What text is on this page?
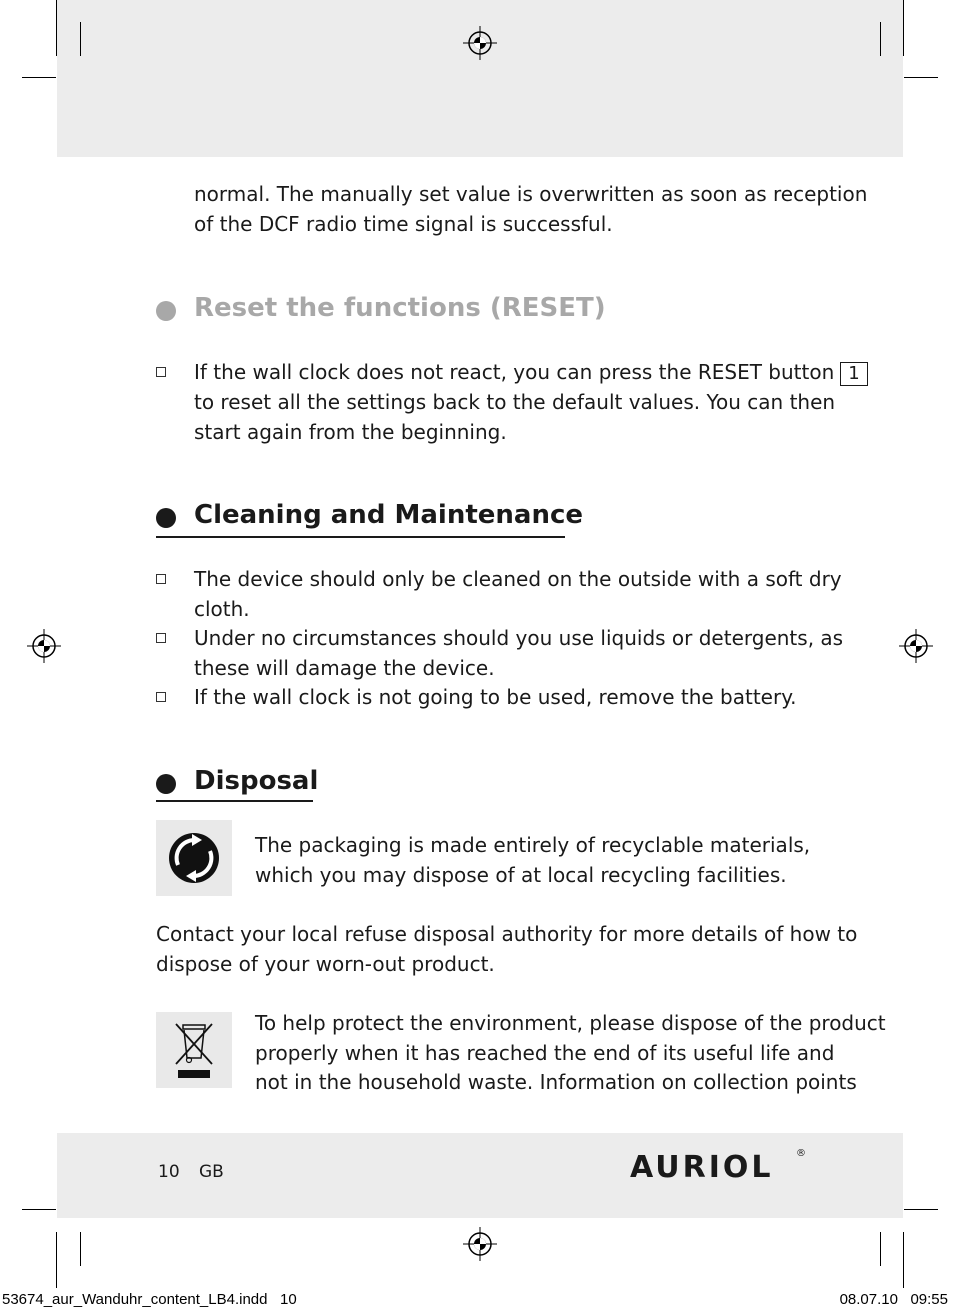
normal. The manually set value is overwritten as soon as reception
of the DCF radio time signal is successful.
Reset the functions (RESET)
If the wall clock does not react, you can press the RESET button 1
to reset all the settings back to the default values. You can then
start again from the beginning.
Cleaning and Maintenance
The device should only be cleaned on the outside with a soft dry
cloth.
Under no circumstances should you use liquids or detergents, as
these will damage the device.
If the wall clock is not going to be used, remove the battery.
Disposal
The packaging is made entirely of recyclable materials,
which you may dispose of at local recycling facilities.
Contact your local refuse disposal authority for more details of how to
dispose of your worn-out product.
To help protect the environment, please dispose of the product
properly when it has reached the end of its useful life and
not in the household waste. Information on collection points
10 GB	AURIOL ®
53674_aur_Wanduhr_content_LB4.indd   10	08.07.10   09:55
